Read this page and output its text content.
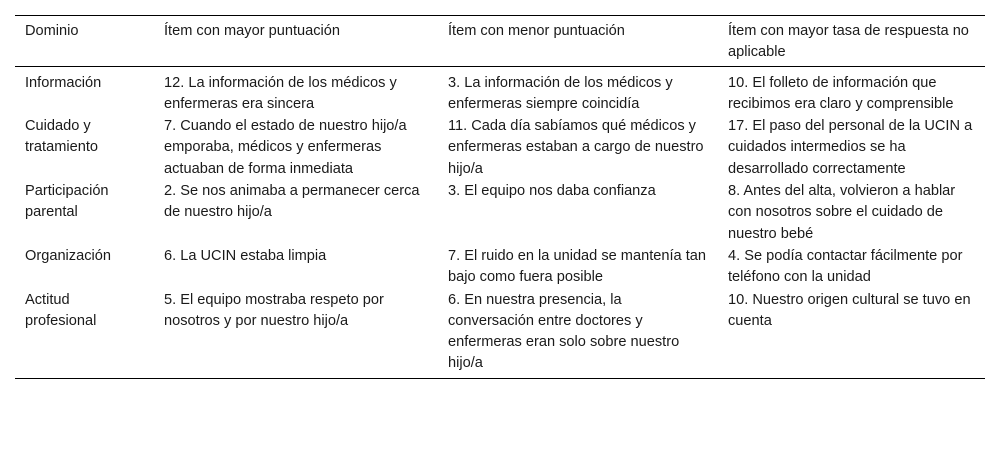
Dominio	Ítem con mayor puntuación	Ítem con menor puntuación	Ítem con mayor tasa de respuesta no aplicable
Información	12. La información de los médicos y enfermeras era sincera	3. La información de los médicos y enfermeras siempre coincidía	10. El folleto de información que recibimos era claro y comprensible
Cuidado y tratamiento	7. Cuando el estado de nuestro hijo/a emporaba, médicos y enfermeras actuaban de forma inmediata	11. Cada día sabíamos qué médicos y enfermeras estaban a cargo de nuestro hijo/a	17. El paso del personal de la UCIN a cuidados intermedios se ha desarrollado correctamente
Participación parental	2. Se nos animaba a permanecer cerca de nuestro hijo/a	3. El equipo nos daba confianza	8. Antes del alta, volvieron a hablar con nosotros sobre el cuidado de nuestro bebé
Organización	6. La UCIN estaba limpia	7. El ruido en la unidad se mantenía tan bajo como fuera posible	4. Se podía contactar fácilmente por teléfono con la unidad
Actitud profesional	5. El equipo mostraba respeto por nosotros y por nuestro hijo/a	6. En nuestra presencia, la conversación entre doctores y enfermeras eran solo sobre nuestro hijo/a	10. Nuestro origen cultural se tuvo en cuenta
